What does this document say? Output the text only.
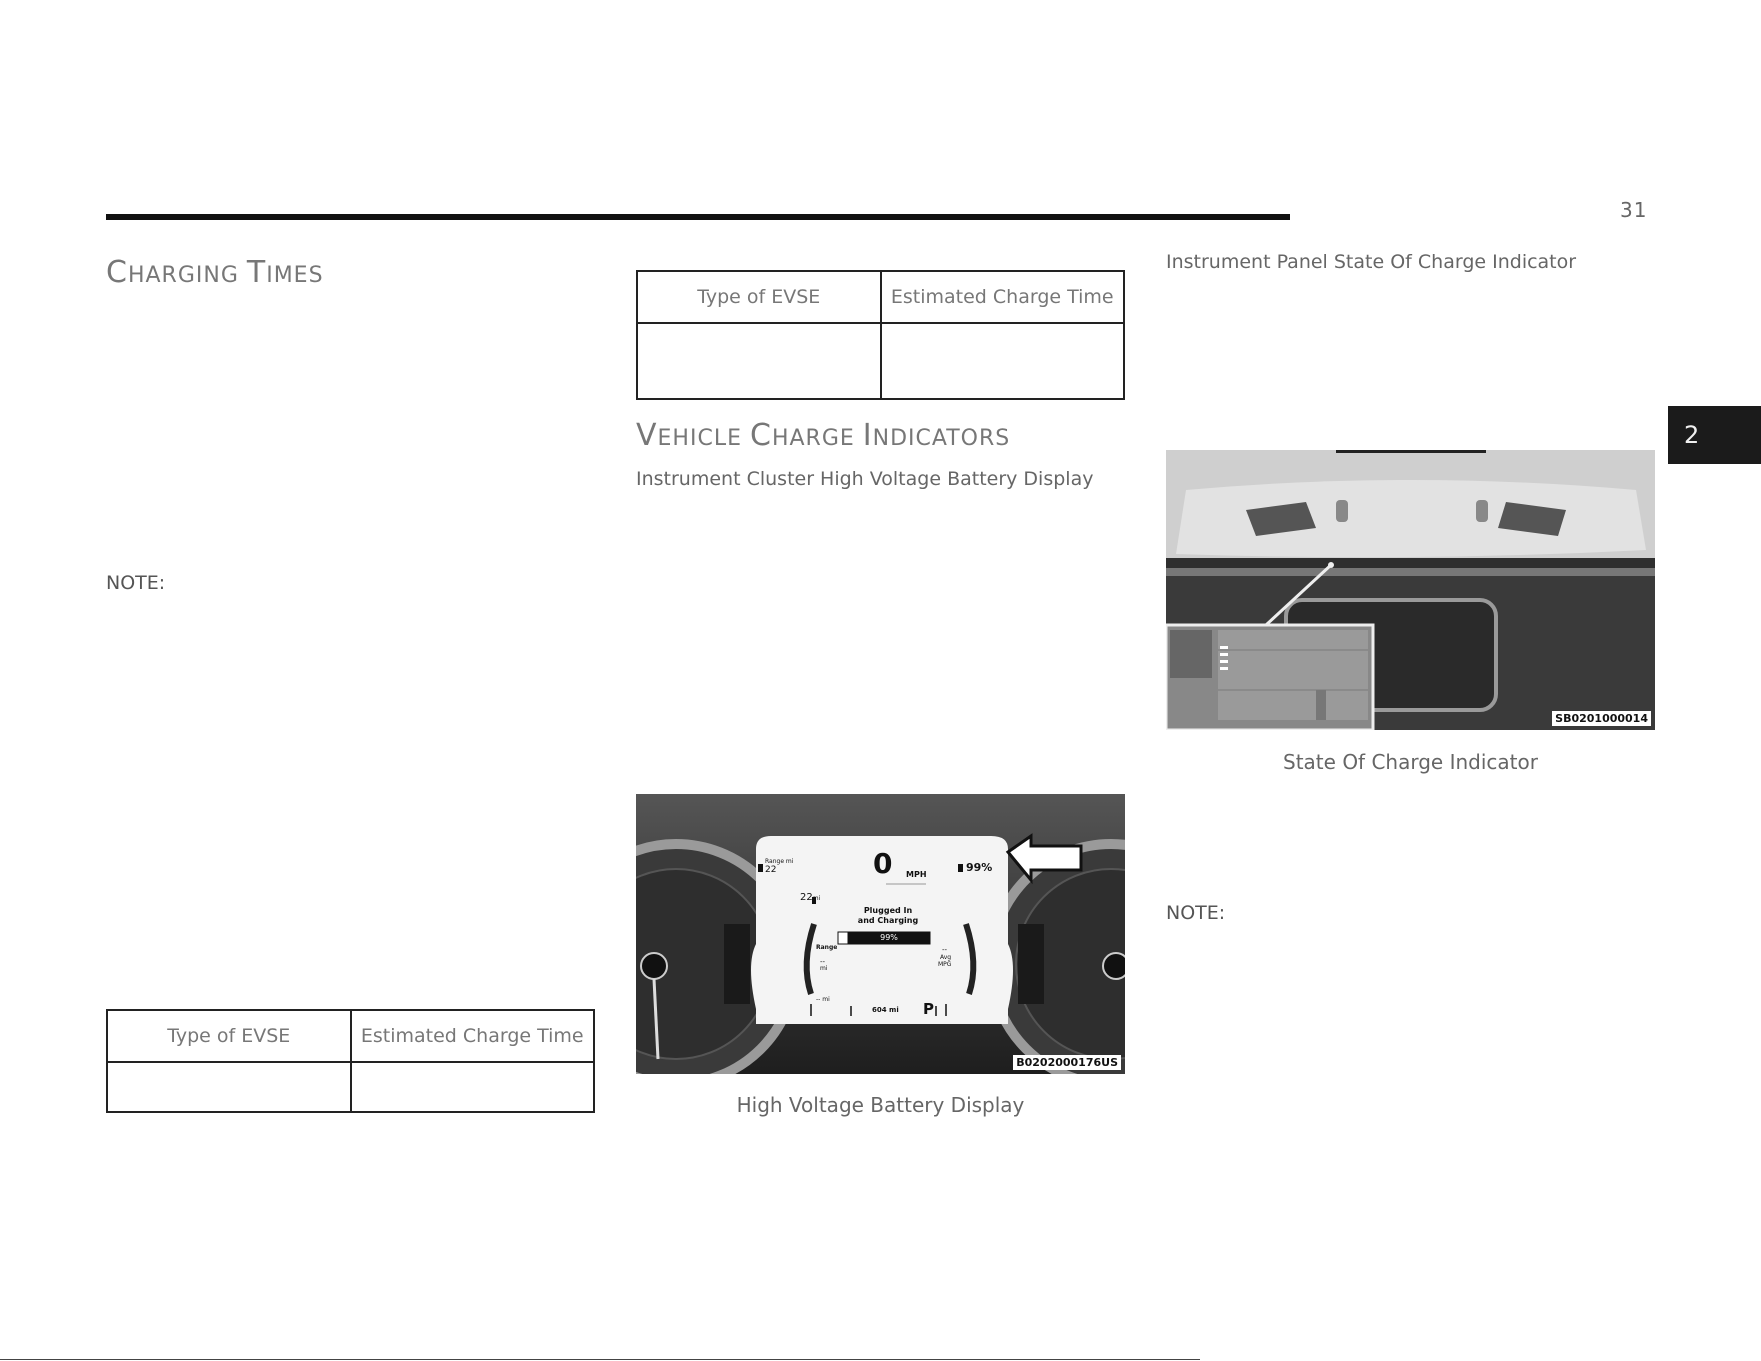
31
2
CHARGING TIMES
NOTE:
Type of EVSE	Estimated Charge Time

Type of EVSE	Estimated Charge Time

VEHICLE CHARGE INDICATORS
Instrument Cluster High Voltage Battery Display
Range mi
22	0 MPH
99%
22mi
Plugged In
and Charging
99%
Range
--
mi
--
Avg
MPG
-- mi
604 mi P
B0202000176US
High Voltage Battery Display
Instrument Panel State Of Charge Indicator
SB0201000014
State Of Charge Indicator
NOTE:
